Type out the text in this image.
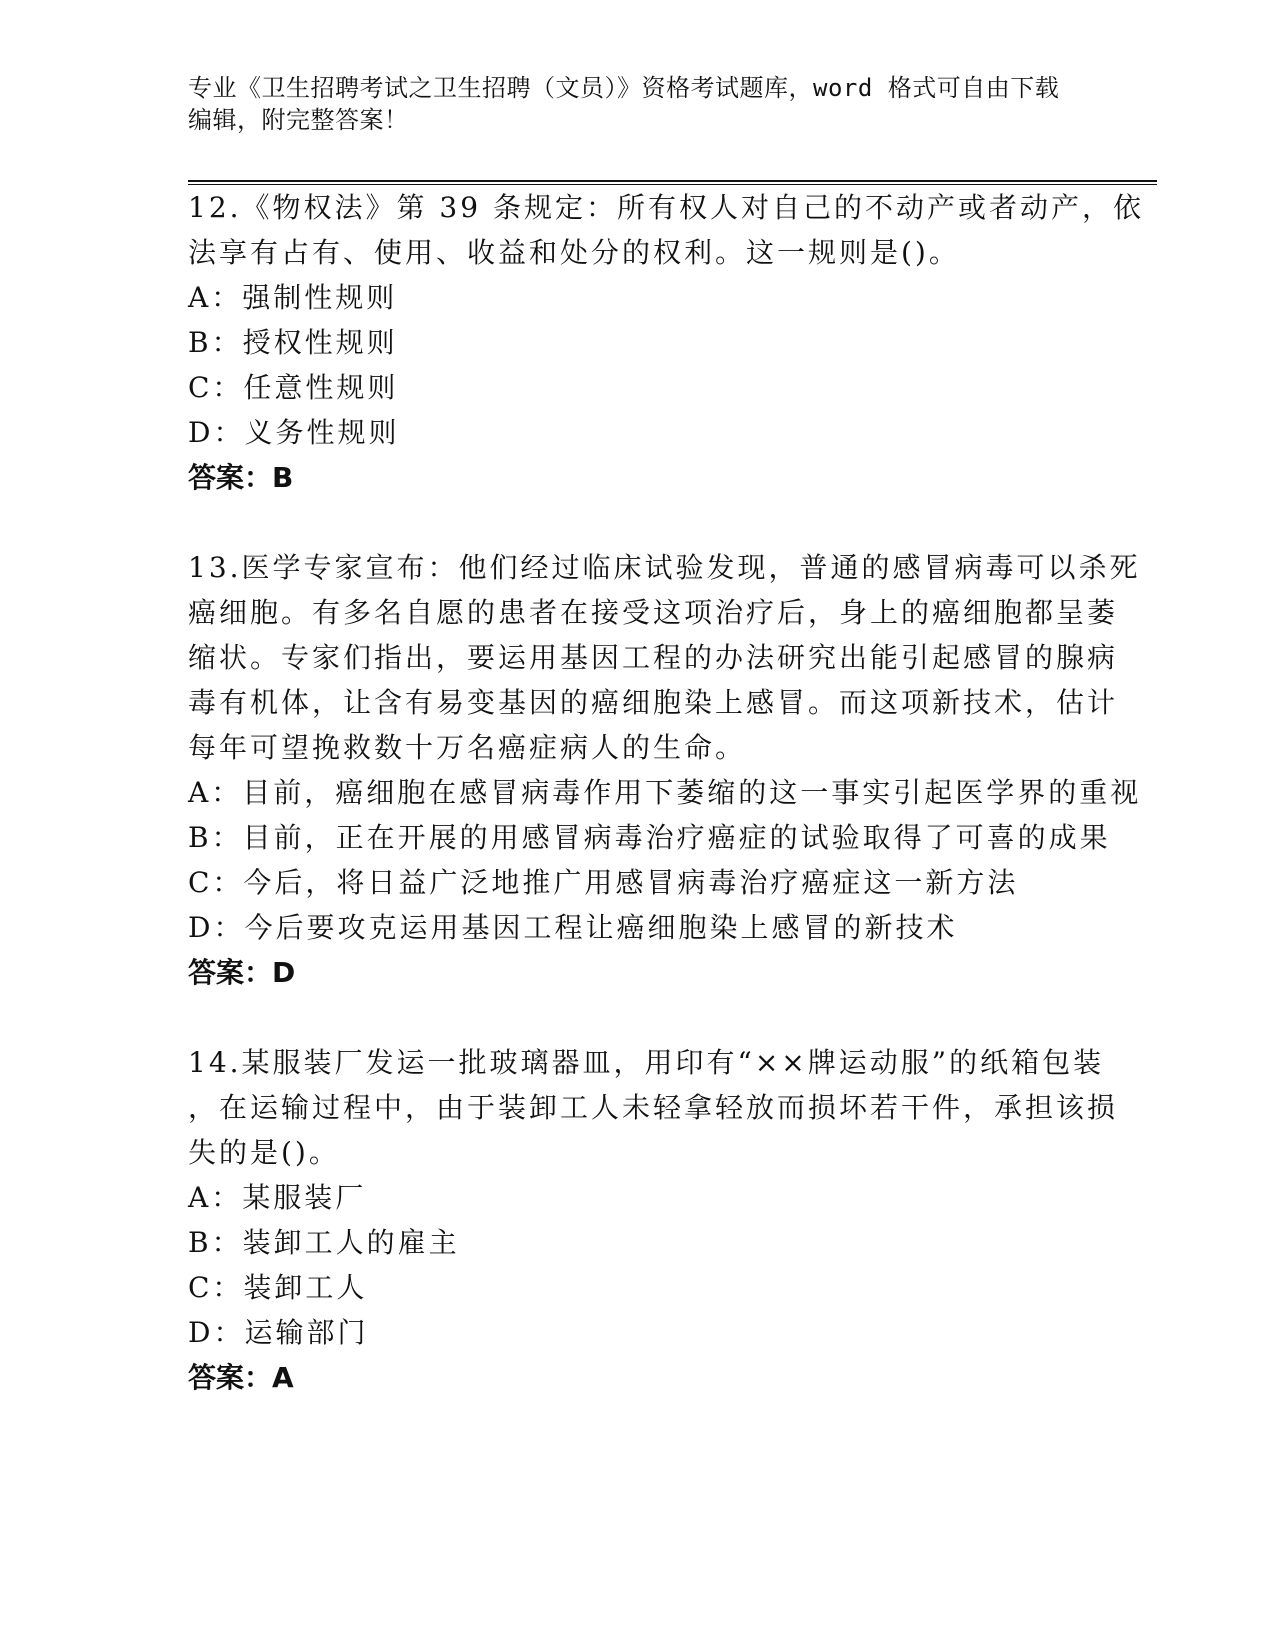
专业《卫生招聘考试之卫生招聘（文员）》资格考试题库，word 格式可自由下载
编辑，附完整答案！
12.《物权法》第 39 条规定：所有权人对自己的不动产或者动产，依
法享有占有、使用、收益和处分的权利。这一规则是()。
A：强制性规则
B：授权性规则
C：任意性规则
D：义务性规则
答案：B
13.医学专家宣布：他们经过临床试验发现，普通的感冒病毒可以杀死
癌细胞。有多名自愿的患者在接受这项治疗后，身上的癌细胞都呈萎
缩状。专家们指出，要运用基因工程的办法研究出能引起感冒的腺病
毒有机体，让含有易变基因的癌细胞染上感冒。而这项新技术，估计
每年可望挽救数十万名癌症病人的生命。
A：目前，癌细胞在感冒病毒作用下萎缩的这一事实引起医学界的重视
B：目前，正在开展的用感冒病毒治疗癌症的试验取得了可喜的成果
C：今后，将日益广泛地推广用感冒病毒治疗癌症这一新方法
D：今后要攻克运用基因工程让癌细胞染上感冒的新技术
答案：D
14.某服装厂发运一批玻璃器皿，用印有“××牌运动服”的纸箱包装
，在运输过程中，由于装卸工人未轻拿轻放而损坏若干件，承担该损
失的是()。
A：某服装厂
B：装卸工人的雇主
C：装卸工人
D：运输部门
答案：A
